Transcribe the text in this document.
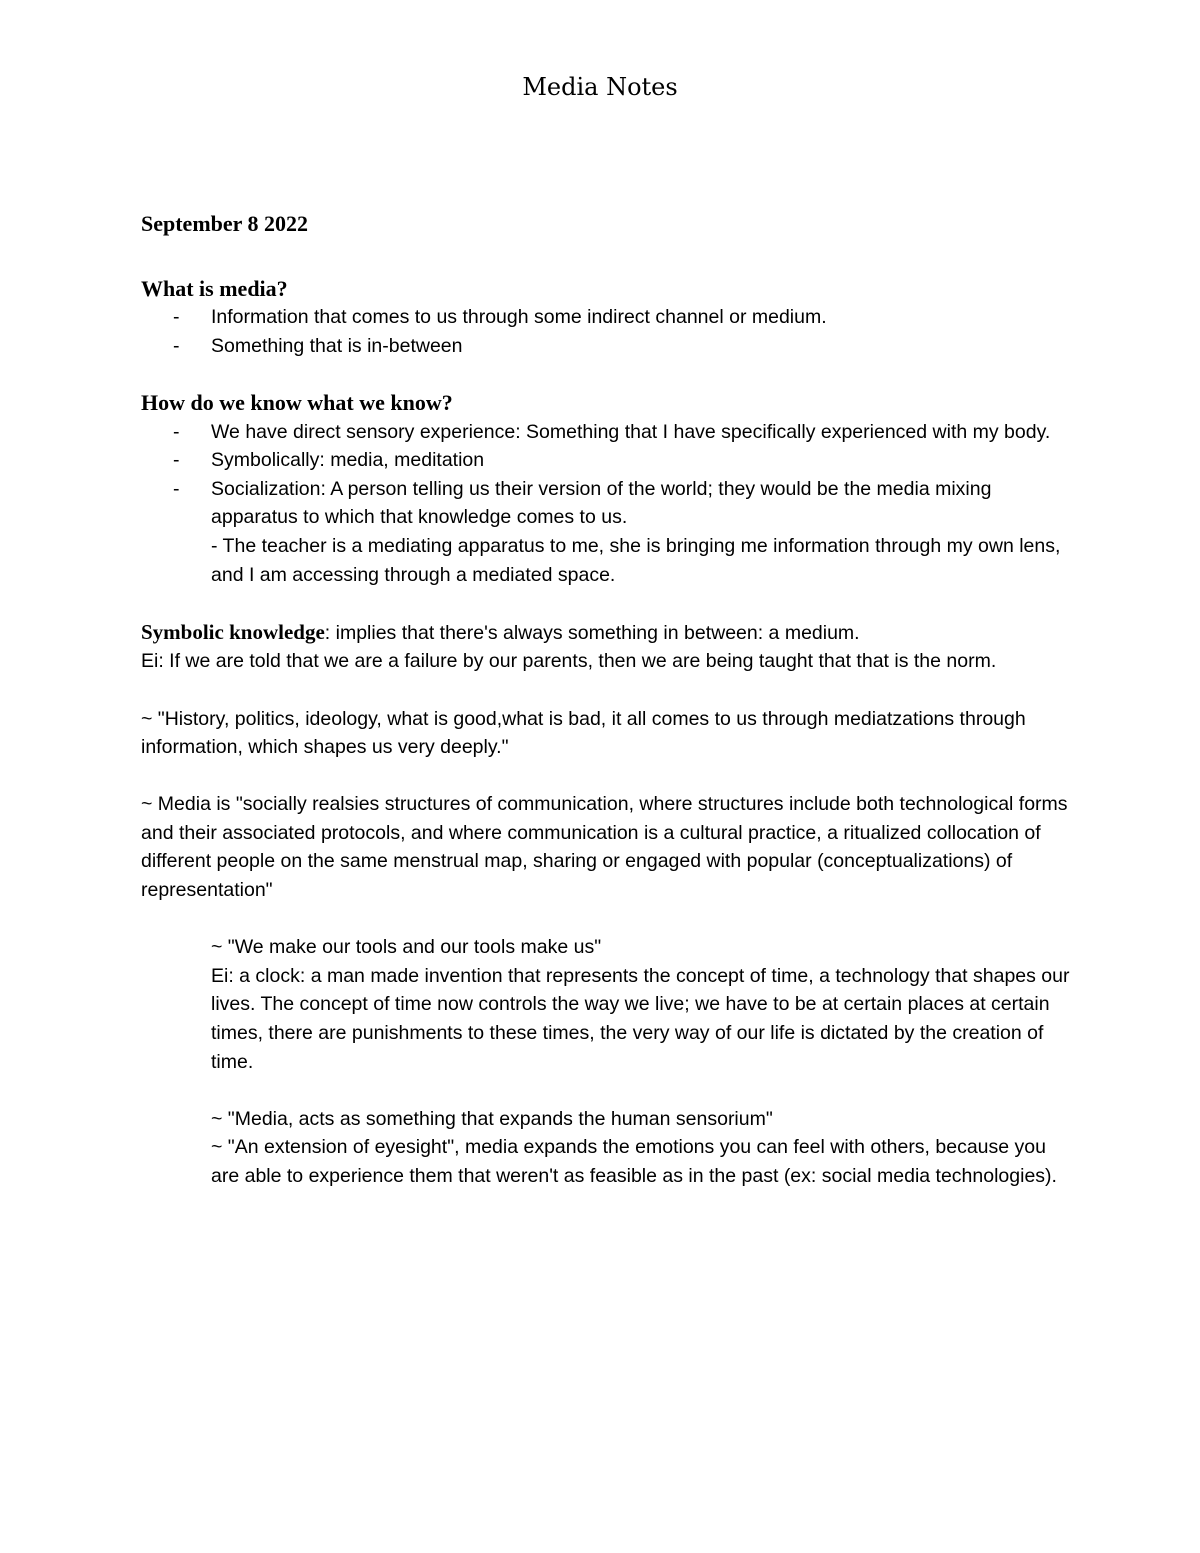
Media Notes

September 8 2022

What is media?

- Information that comes to us through some indirect channel or medium.
- Something that is in-between

How do we know what we know?

- We have direct sensory experience: Something that I have specifically experienced with my body.
- Symbolically: media, meditation
- Socialization: A person telling us their version of the world; they would be the media mixing apparatus to which that knowledge comes to us.
- The teacher is a mediating apparatus to me, she is bringing me information through my own lens, and I am accessing through a mediated space.

Symbolic knowledge: implies that there's always something in between: a medium.

Ei: If we are told that we are a failure by our parents, then we are being taught that that is the norm.

~ "History, politics, ideology, what is good,what is bad, it all comes to us through mediatzations through information, which shapes us very deeply."

~ Media is "socially realsies structures of communication, where structures include both technological forms and their associated protocols, and where communication is a cultural practice, a ritualized collocation of different people on the same menstrual map, sharing or engaged with popular (conceptualizations) of representation"

~ "We make our tools and our tools make us"

Ei: a clock: a man made invention that represents the concept of time, a technology that shapes our lives. The concept of time now controls the way we live; we have to be at certain places at certain times, there are punishments to these times, the very way of our life is dictated by the creation of time.

~ "Media, acts as something that expands the human sensorium"

~ "An extension of eyesight", media expands the emotions you can feel with others, because you are able to experience them that weren't as feasible as in the past (ex: social media technologies).
